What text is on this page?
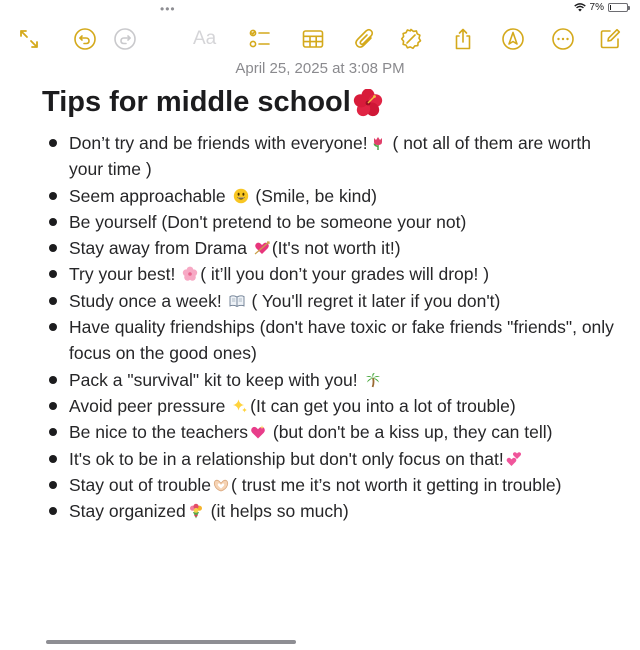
•••	7%
Aa
April 25, 2025 at 3:08 PM
Tips for middle school
Don’t try and be friends with everyone! ( not all of them are worth your time )
Seem approachable  (Smile, be kind)
Be yourself (Don't pretend to be someone your not)
Stay away from Drama (It's not worth it!)
Try your best! ( it’ll you don’t your grades will drop! )
Study once a week!  ( You'll regret it later if you don't)
Have quality friendships (don't have toxic or fake friends "friends", only focus on the good ones)
Pack a "survival" kit to keep with you!
Avoid peer pressure (It can get you into a lot of trouble)
Be nice to the teachers (but don't be a kiss up, they can tell)
It's ok to be in a relationship but don't only focus on that!
Stay out of trouble ( trust me it’s not worth it getting in trouble)
Stay organized (it helps so much)
